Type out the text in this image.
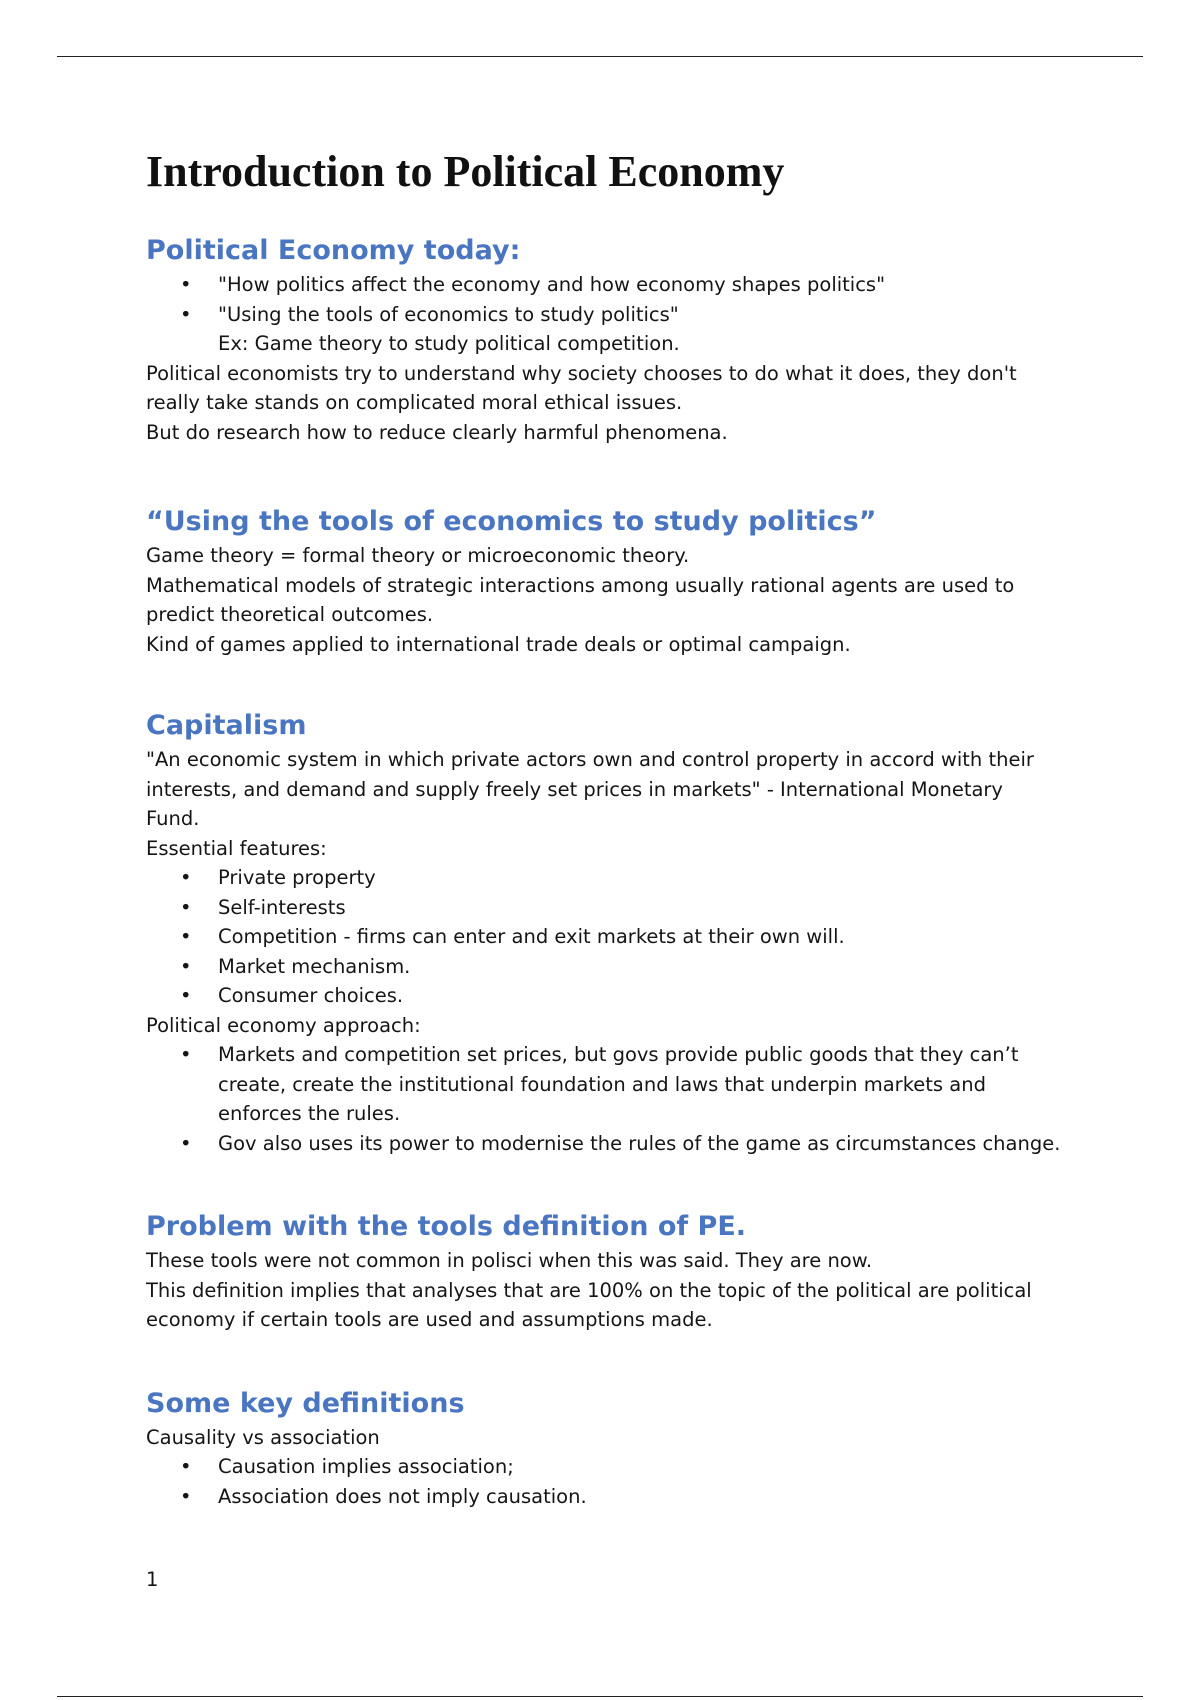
Introduction to Political Economy
Political Economy today:
• "How politics affect the economy and how economy shapes politics"
• "Using the tools of economics to study politics"

Ex: Game theory to study political competition.

Political economists try to understand why society chooses to do what it does, they don't

really take stands on complicated moral ethical issues.

But do research how to reduce clearly harmful phenomena.

“Using the tools of economics to study politics”

Game theory = formal theory or microeconomic theory.

Mathematical models of strategic interactions among usually rational agents are used to

predict theoretical outcomes.

Kind of games applied to international trade deals or optimal campaign.

Capitalism

"An economic system in which private actors own and control property in accord with their

interests, and demand and supply freely set prices in markets" - International Monetary

Fund.

Essential features:

• Private property
• Self-interests
• Competition - firms can enter and exit markets at their own will.
• Market mechanism.
• Consumer choices.

Political economy approach:

• Markets and competition set prices, but govs provide public goods that they can’t
create, create the institutional foundation and laws that underpin markets and
enforces the rules.
• Gov also uses its power to modernise the rules of the game as circumstances change.
Problem with the tools definition of PE.

These tools were not common in polisci when this was said. They are now.

This definition implies that analyses that are 100% on the topic of the political are political

economy if certain tools are used and assumptions made.

Some key definitions

Causality vs association

• Causation implies association;
• Association does not imply causation.
1
